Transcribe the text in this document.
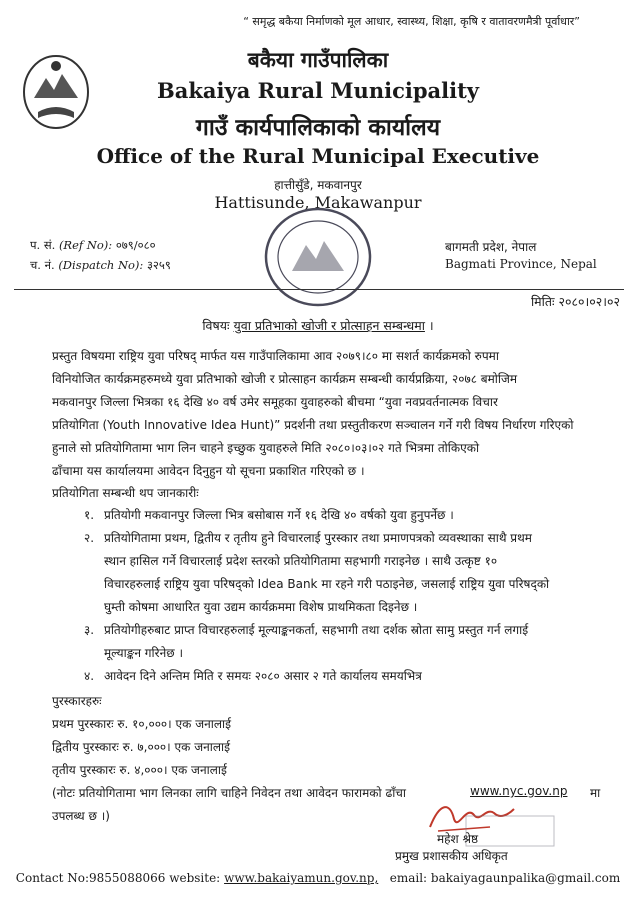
“ समृद्ध बकैया निर्माणको मूल आधार, स्वास्थ्य, शिक्षा, कृषि र वातावरणमैत्री पूर्वाधार”
बकैया गाउँपालिका
Bakaiya Rural Municipality
गाउँ कार्यपालिकाको कार्यालय
Office of the Rural Municipal Executive
हात्तीसुँडे, मकवानपुर
Hattisunde, Makawanpur
प. सं. (Ref No): ०७९/०८०
च. नं. (Dispatch No): ३२५९
बागमती प्रदेश, नेपाल
Bagmati Province, Nepal
मितिः २०८०।०२।०२
विषयः युवा प्रतिभाको खोजी र प्रोत्साहन सम्बन्धमा ।
प्रस्तुत विषयमा राष्ट्रिय युवा परिषद् मार्फत यस गाउँपालिकामा आव २०७९।८० मा सशर्त कार्यक्रमको रुपमा
विनियोजित कार्यक्रमहरुमध्ये युवा प्रतिभाको खोजी र प्रोत्साहन कार्यक्रम सम्बन्धी कार्यप्रक्रिया, २०७८ बमोजिम
मकवानपुर जिल्ला भित्रका १६ देखि ४० वर्ष उमेर समूहका युवाहरुको बीचमा “युवा नवप्रवर्तनात्मक विचार
प्रतियोगिता (Youth Innovative Idea Hunt)” प्रदर्शनी तथा प्रस्तुतीकरण सञ्चालन गर्ने गरी विषय निर्धारण गरिएको
हुनाले सो प्रतियोगितामा भाग लिन चाहने इच्छुक युवाहरुले मिति २०८०।०३।०२ गते भित्रमा तोकिएको
ढाँचामा यस कार्यालयमा आवेदन दिनुहुन यो सूचना प्रकाशित गरिएको छ ।
प्रतियोगिता सम्बन्धी थप जानकारीः
१. प्रतियोगी मकवानपुर जिल्ला भित्र बसोबास गर्ने १६ देखि ४० वर्षको युवा हुनुपर्नेछ ।
२. प्रतियोगितामा प्रथम, द्वितीय र तृतीय हुने विचारलाई पुरस्कार तथा प्रमाणपत्रको व्यवस्थाका साथै प्रथम
स्थान हासिल गर्ने विचारलाई प्रदेश स्तरको प्रतियोगितामा सहभागी गराइनेछ । साथै उत्कृष्ट १०
विचारहरुलाई राष्ट्रिय युवा परिषद्को Idea Bank मा रहने गरी पठाइनेछ, जसलाई राष्ट्रिय युवा परिषद्को
घुम्ती कोषमा आधारित युवा उद्यम कार्यक्रममा विशेष प्राथमिकता दिइनेछ ।
३. प्रतियोगीहरुबाट प्राप्त विचारहरुलाई मूल्याङ्कनकर्ता, सहभागी तथा दर्शक स्रोता सामु प्रस्तुत गर्न लगाई
मूल्याङ्कन गरिनेछ ।
४. आवेदन दिने अन्तिम मिति र समयः २०८० असार २ गते कार्यालय समयभित्र
पुरस्कारहरुः
प्रथम पुरस्कारः रु. १०,०००। एक जनालाई
द्वितीय पुरस्कारः रु. ७,०००। एक जनालाई
तृतीय पुरस्कारः रु. ४,०००। एक जनालाई
(नोटः प्रतियोगितामा भाग लिनका लागि चाहिने निवेदन तथा आवेदन फारामको ढाँचा	www.nyc.gov.np मा
उपलब्ध छ ।)
महेश श्रेष्ठ
प्रमुख प्रशासकीय अधिकृत
Contact No:9855088066 website: www.bakaiyamun.gov.np, email: bakaiyagaunpalika@gmail.com
